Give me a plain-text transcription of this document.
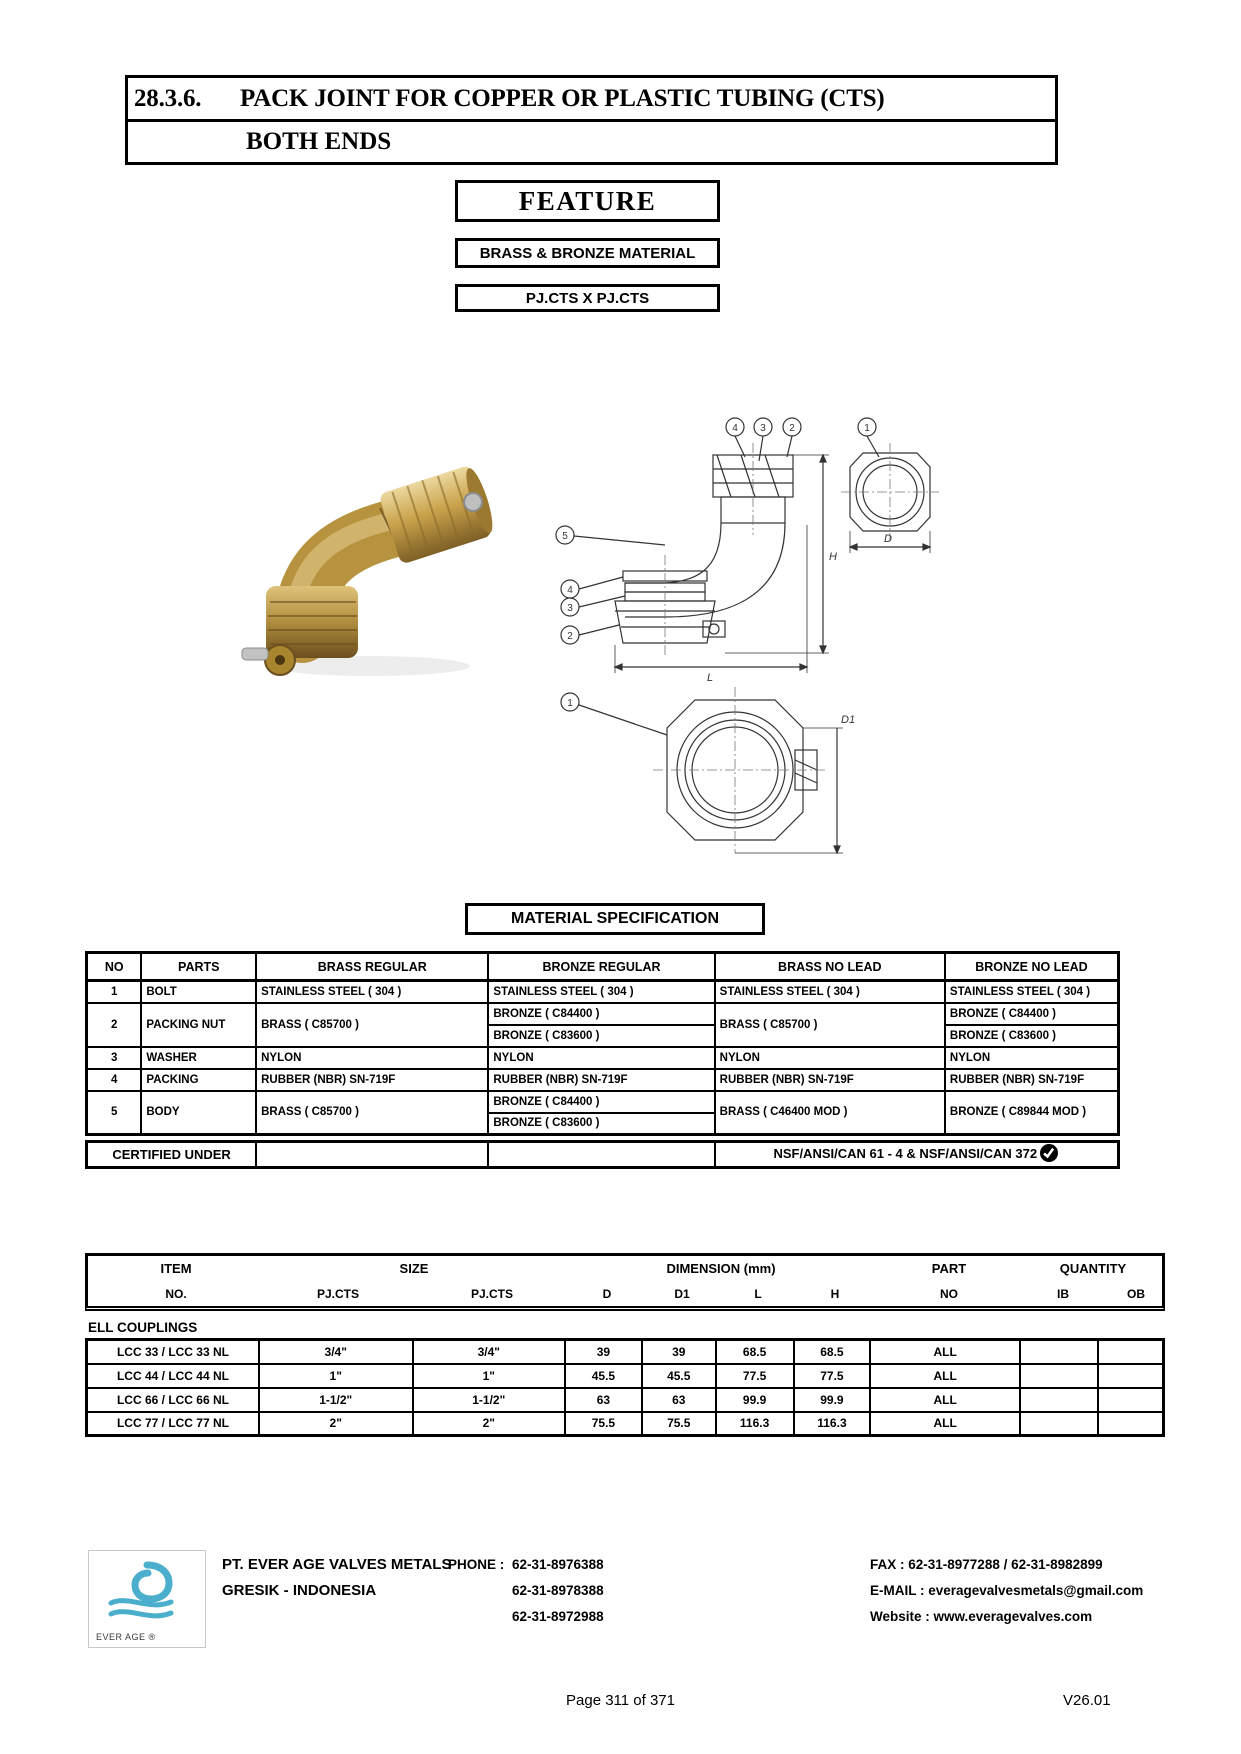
28.3.6.	PACK JOINT FOR COPPER OR PLASTIC TUBING (CTS)
BOTH ENDS
FEATURE
BRASS & BRONZE MATERIAL
PJ.CTS X PJ.CTS
D
H
L
D1
4 3 2	1
5
4
3
2
1
MATERIAL SPECIFICATION
NO	PARTS	BRASS REGULAR	BRONZE REGULAR	BRASS NO LEAD	BRONZE NO LEAD
1	BOLT	STAINLESS STEEL ( 304 )	STAINLESS STEEL ( 304 )	STAINLESS STEEL ( 304 )	STAINLESS STEEL ( 304 )
2	PACKING NUT	BRASS ( C85700 )	BRONZE ( C84400 )	BRASS ( C85700 )	BRONZE ( C84400 )
			BRONZE ( C83600 )		BRONZE ( C83600 )
3	WASHER	NYLON	NYLON	NYLON	NYLON
4	PACKING	RUBBER (NBR) SN-719F	RUBBER (NBR) SN-719F	RUBBER (NBR) SN-719F	RUBBER (NBR) SN-719F
5	BODY	BRASS ( C85700 )	BRONZE ( C84400 )	BRASS ( C46400 MOD )	BRONZE ( C89844 MOD )
			BRONZE ( C83600 )		
CERTIFIED UNDER			NSF/ANSI/CAN 61 - 4 & NSF/ANSI/CAN 372
ITEM	SIZE	DIMENSION (mm)	PART	QUANTITY
NO.	PJ.CTS	PJ.CTS	D	D1	L	H	NO	IB	OB
ELL COUPLINGS
LCC 33 / LCC 33 NL	3/4"	3/4"	39	39	68.5	68.5	ALL		
LCC 44 / LCC 44 NL	1"	1"	45.5	45.5	77.5	77.5	ALL		
LCC 66 / LCC 66 NL	1-1/2"	1-1/2"	63	63	99.9	99.9	ALL		
LCC 77 / LCC 77 NL	2"	2"	75.5	75.5	116.3	116.3	ALL		
EVER AGE ®
PT. EVER AGE VALVES METALS
GRESIK - INDONESIA
PHONE : 62-31-8976388
62-31-8978388
62-31-8972988
FAX : 62-31-8977288 / 62-31-8982899
E-MAIL : everagevalvesmetals@gmail.com
Website : www.everagevalves.com
Page 311 of 371	V26.01
